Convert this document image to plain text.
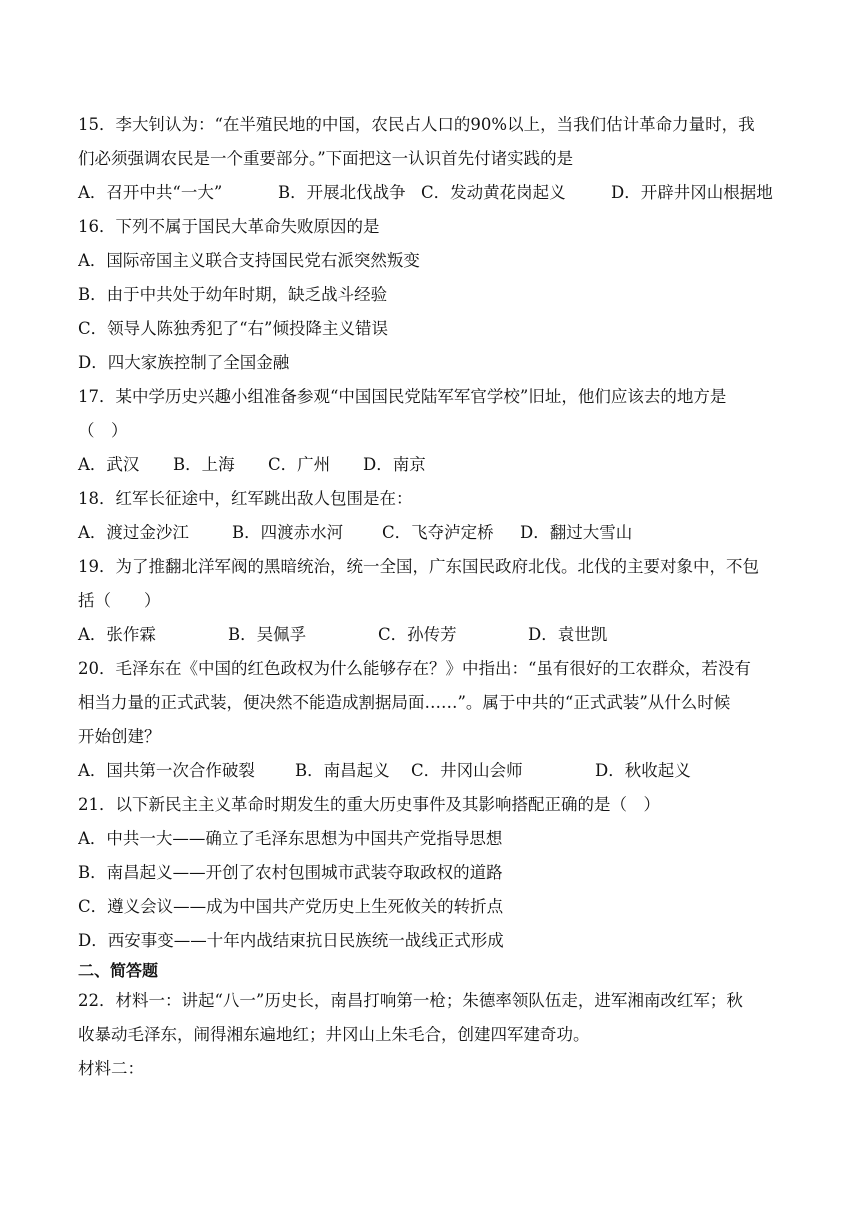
15．李大钊认为：“在半殖民地的中国，农民占人口的90%以上，当我们估计革命力量时，我
们必须强调农民是一个重要部分。”下面把这一认识首先付诸实践的是
A．召开中共“一大”	B．开展北伐战争 C．发动黄花岗起义	D．开辟井冈山根据地
16．下列不属于国民大革命失败原因的是
A．国际帝国主义联合支持国民党右派突然叛变
B．由于中共处于幼年时期，缺乏战斗经验
C．领导人陈独秀犯了“右”倾投降主义错误
D．四大家族控制了全国金融
17．某中学历史兴趣小组准备参观“中国国民党陆军军官学校”旧址，他们应该去的地方是
（　）
A．武汉	B．上海	C．广州	D．南京
18．红军长征途中，红军跳出敌人包围是在：
A．渡过金沙江	B．四渡赤水河	C．飞夺泸定桥	D．翻过大雪山
19．为了推翻北洋军阀的黑暗统治，统一全国，广东国民政府北伐。北伐的主要对象中，不包
括（　　）
A．张作霖	B．吴佩孚	C．孙传芳	D．袁世凯
20．毛泽东在《中国的红色政权为什么能够存在？》中指出：“虽有很好的工农群众，若没有
相当力量的正式武装，便决然不能造成割据局面……”。属于中共的“正式武装”从什么时候
开始创建？
A．国共第一次合作破裂	B．南昌起义	C．井冈山会师	D．秋收起义
21．以下新民主主义革命时期发生的重大历史事件及其影响搭配正确的是（　）
A．中共一大——确立了毛泽东思想为中国共产党指导思想
B．南昌起义——开创了农村包围城市武装夺取政权的道路
C．遵义会议——成为中国共产党历史上生死攸关的转折点
D．西安事变——十年内战结束抗日民族统一战线正式形成
二、简答题
22．材料一：讲起“八一”历史长，南昌打响第一枪；朱德率领队伍走，进军湘南改红军；秋
收暴动毛泽东，闹得湘东遍地红；井冈山上朱毛合，创建四军建奇功。
材料二：
